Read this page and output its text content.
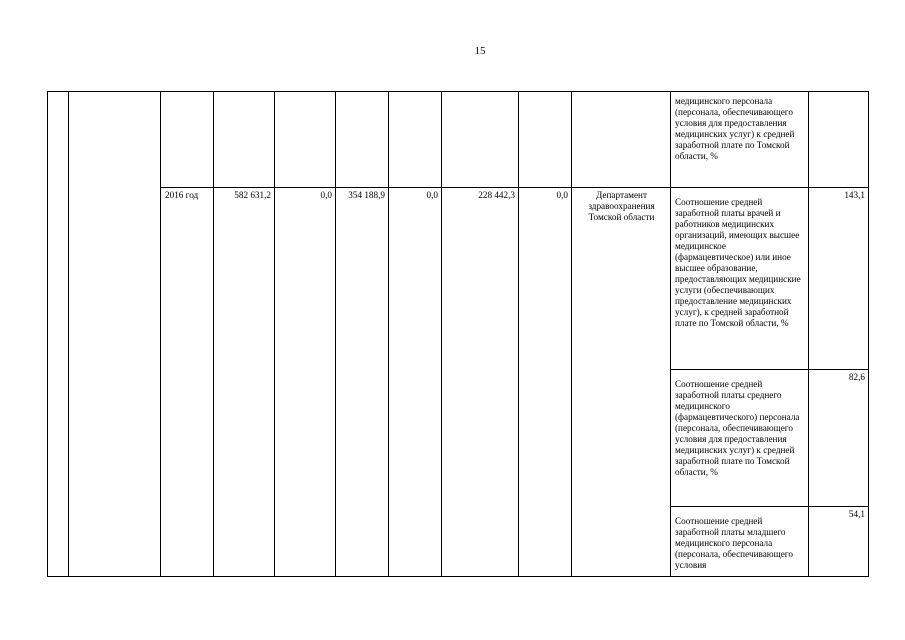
15
										медицинского персонала (персонала, обеспечивающего условия для предоставления медицинских услуг) к средней заработной плате по Томской области, %	
		2016 год	582 631,2	0,0	354 188,9	0,0	228 442,3	0,0	Департамент здравоохранения Томской области	Соотношение средней заработной платы врачей и работников медицинских организаций, имеющих высшее медицинское (фармацевтическое) или иное высшее образование, предоставляющих медицинские услуги (обеспечивающих предоставление медицинских услуг), к средней заработной плате по Томской области, %	143,1
										Соотношение средней заработной платы среднего медицинского (фармацевтического) персонала (персонала, обеспечивающего условия для предоставления медицинских услуг) к средней заработной плате по Томской области, %	82,6
										Соотношение средней заработной платы младшего медицинского персонала (персонала, обеспечивающего условия	54,1
